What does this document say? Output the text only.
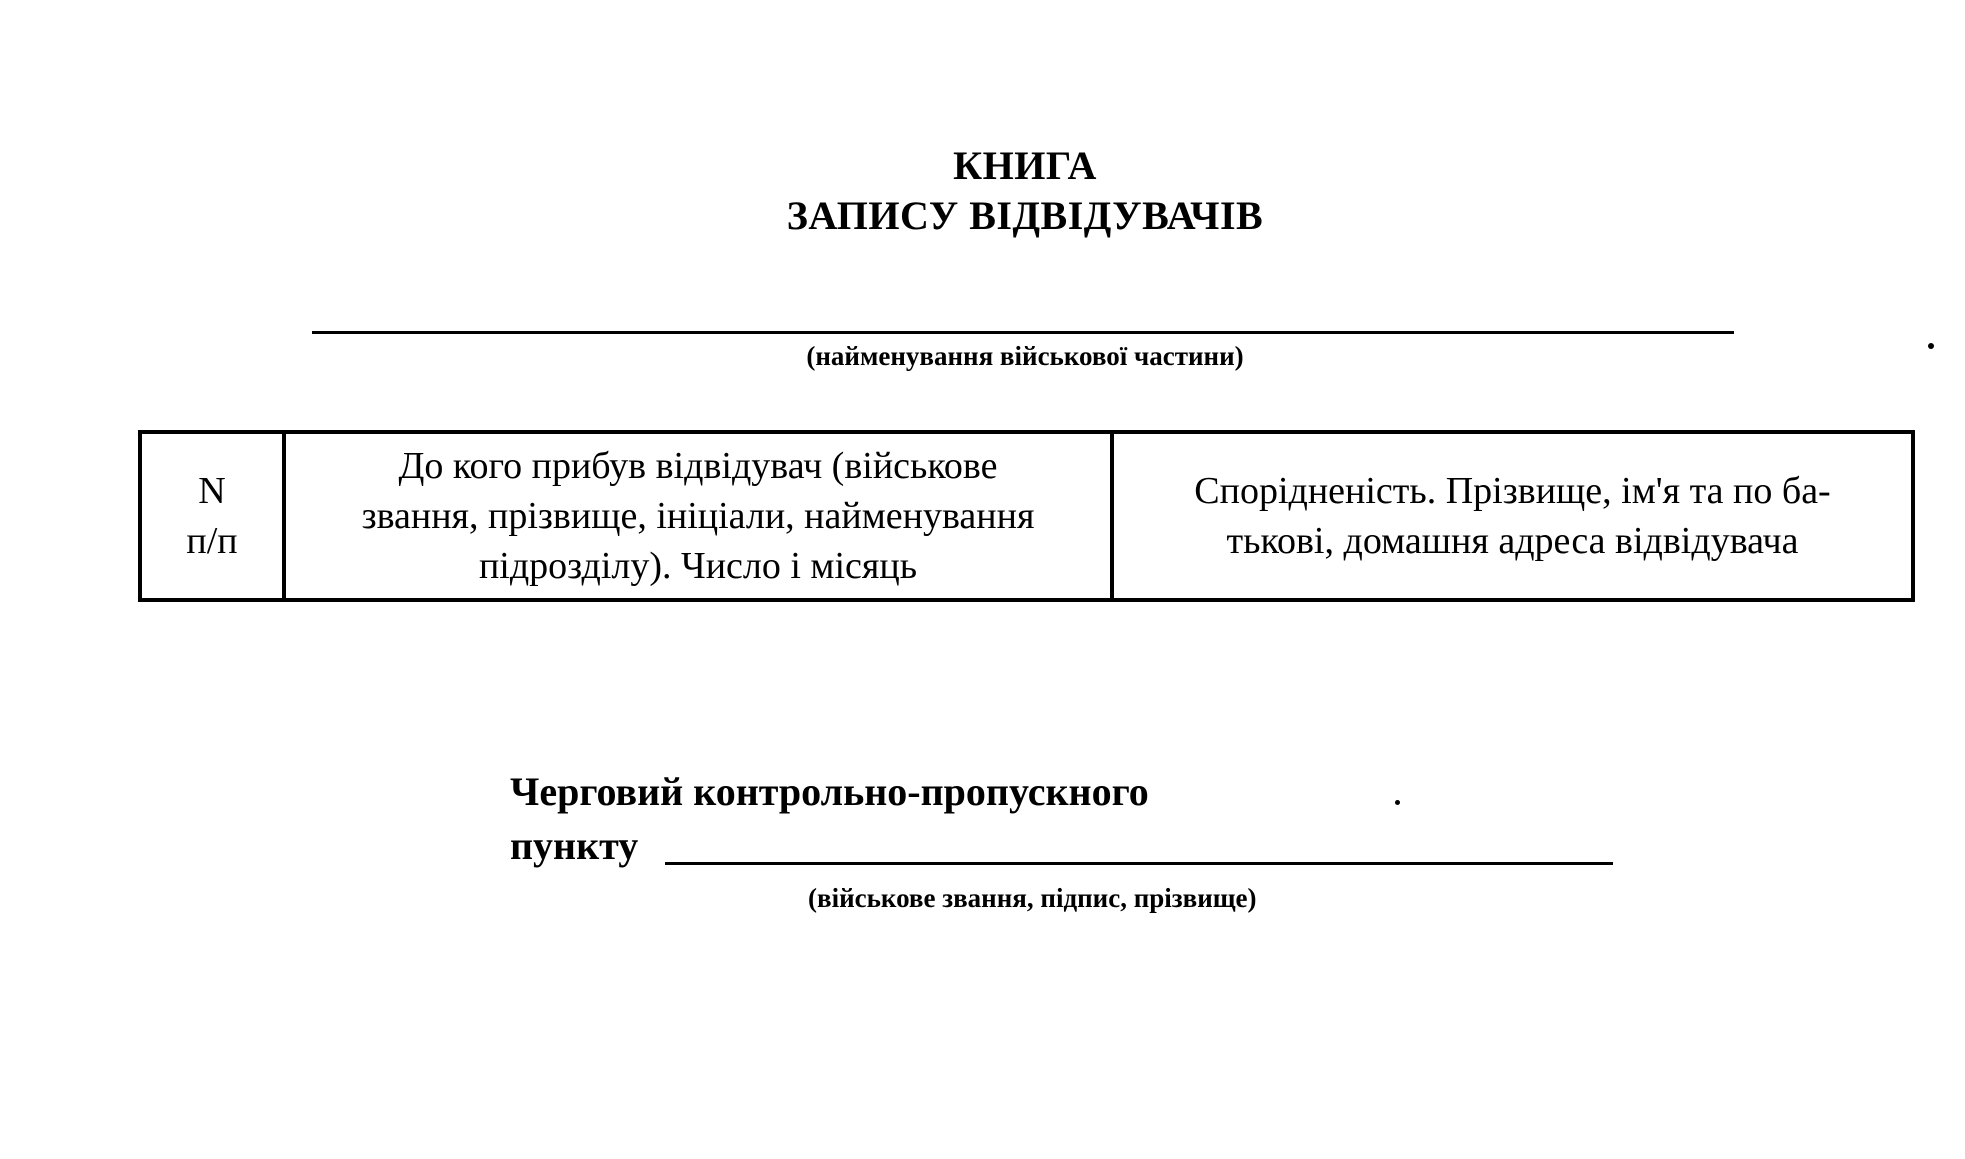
КНИГА
ЗАПИСУ ВІДВІДУВАЧІВ
(найменування військової частини)
N
п/п

До кого прибув відвідувач (військове
звання, прізвище, ініціали, найменування
підрозділу). Число і місяць

Спорідненість. Прізвище, ім'я та по ба-
тькові, домашня адреса відвідувача
Черговий контрольно-пропускного
пункту
(військове звання, підпис, прізвище)
